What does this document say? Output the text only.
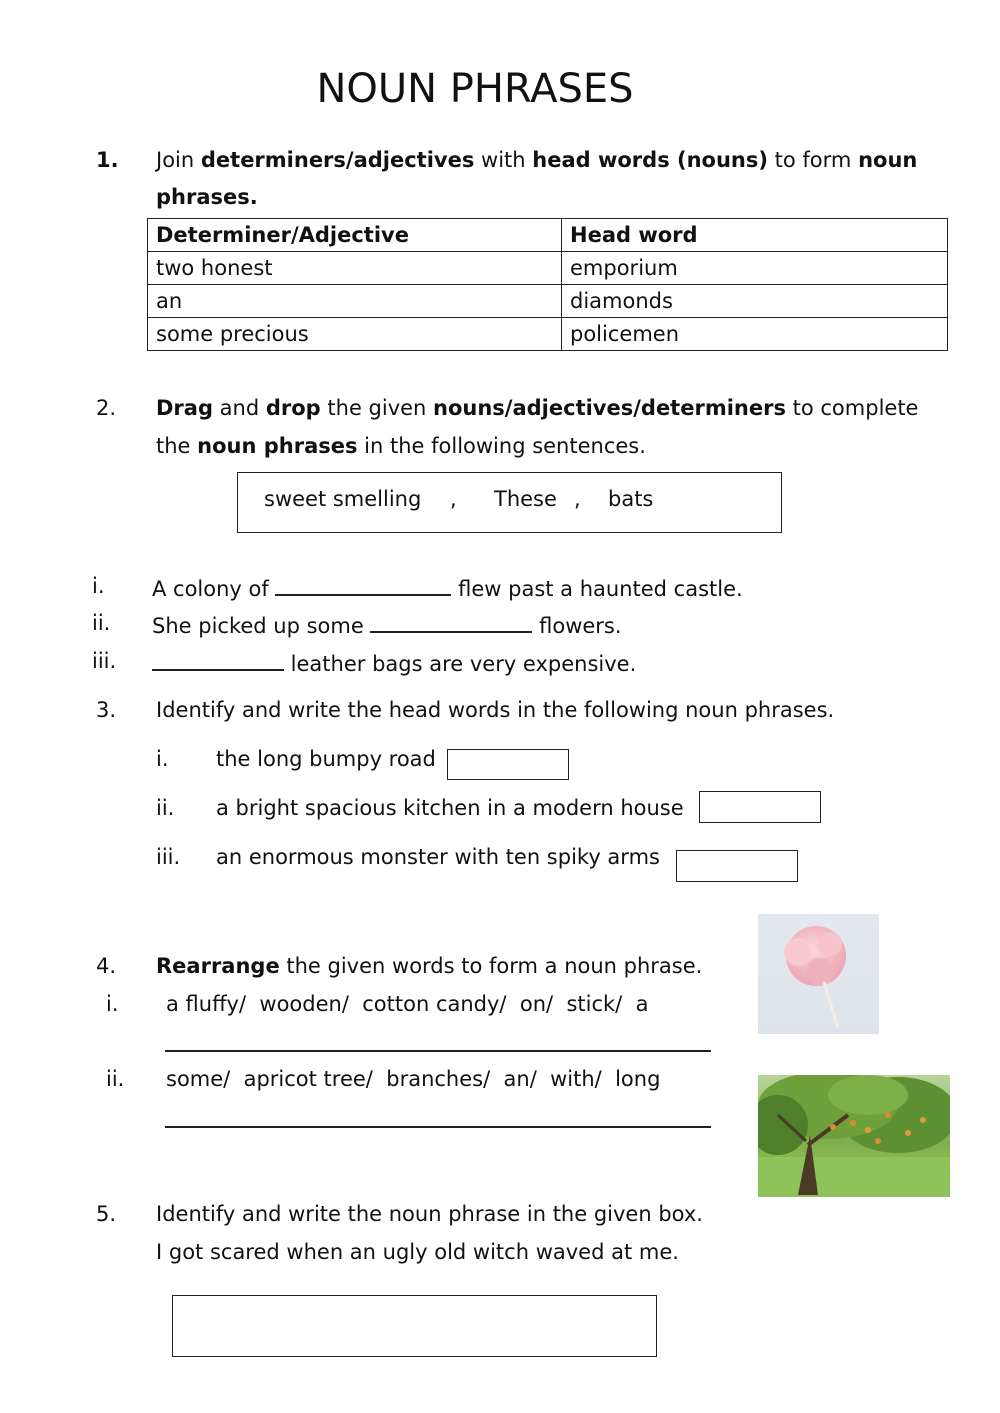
NOUN PHRASES
1. Join determiners/adjectives with head words (nouns) to form noun
phrases.
Determiner/Adjective	Head word
two honest	emporium
an	diamonds
some precious	policemen
2. Drag and drop the given nouns/adjectives/determiners to complete
the noun phrases in the following sentences.
sweet smelling , These , bats
i. A colony of	flew past a haunted castle.
ii. She picked up some	flowers.
iii.	leather bags are very expensive.
3. Identify and write the head words in the following noun phrases.
i. the long bumpy road
ii. a bright spacious kitchen in a modern house
iii. an enormous monster with ten spiky arms
4. Rearrange the given words to form a noun phrase.
i. a fluffy/  wooden/  cotton candy/  on/  stick/  a
ii. some/  apricot tree/  branches/  an/  with/  long
5. Identify and write the noun phrase in the given box.
I got scared when an ugly old witch waved at me.
